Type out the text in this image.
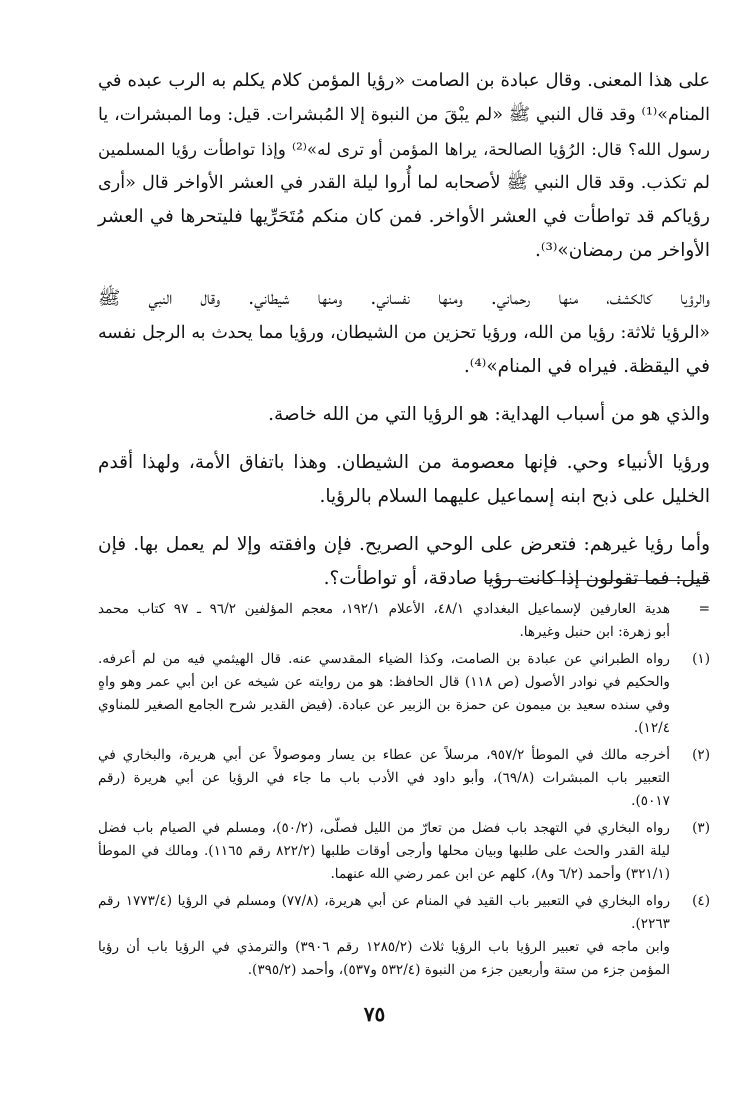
على هذا المعنى. وقال عبادة بن الصامت «رؤيا المؤمن كلام يكلم به الرب عبده في
المنام»⁽¹⁾ وقد قال النبي ﷺ «لم يبْقَ من النبوة إلا المُبشرات. قيل: وما المبشرات، يا
رسول الله؟ قال: الرُؤيا الصالحة، يراها المؤمن أو ترى له»⁽²⁾ وإذا تواطأت رؤيا المسلمين
لم تكذب. وقد قال النبي ﷺ لأصحابه لما أُروا ليلة القدر في العشر الأواخر قال «أرى
رؤياكم قد تواطأت في العشر الأواخر. فمن كان منكم مُتَحَرِّيها فليتحرها في العشر
الأواخر من رمضان»⁽³⁾.

والرؤيا كالكشف، منها رحماني. ومنها نفساني. ومنها شيطاني. وقال النبي ﷺ
«الرؤيا ثلاثة: رؤيا من الله، ورؤيا تحزين من الشيطان، ورؤيا مما يحدث به الرجل نفسه
في اليقظة. فيراه في المنام»⁽⁴⁾.

والذي هو من أسباب الهداية: هو الرؤيا التي من الله خاصة.

ورؤيا الأنبياء وحي. فإنها معصومة من الشيطان. وهذا باتفاق الأمة، ولهذا أقدم
الخليل على ذبح ابنه إسماعيل عليهما السلام بالرؤيا.

وأما رؤيا غيرهم: فتعرض على الوحي الصريح. فإن وافقته وإلا لم يعمل بها. فإن
قيل: فما تقولون إذا كانت رؤيا صادقة، أو تواطأت؟.

=
هدية العارفين لإسماعيل البغدادي ٤٨/١، الأعلام ١٩٢/١، معجم المؤلفين ٩٦/٢ ـ ٩٧ كتاب محمد
أبو زهرة: ابن حنبل وغيرها.
(١)
رواه الطبراني عن عبادة بن الصامت، وكذا الضياء المقدسي عنه. قال الهيثمي فيه من لم أعرفه.
والحكيم في نوادر الأصول (ص ١١٨) قال الحافظ: هو من روايته عن شيخه عن ابن أبي عمر وهو واهٍ
وفي سنده سعيد بن ميمون عن حمزة بن الزبير عن عبادة. (فيض القدير شرح الجامع الصغير للمناوي
١٢/٤).
(٢)
أخرجه مالك في الموطأ ٩٥٧/٢، مرسلاً عن عطاء بن يسار وموصولاً عن أبي هريرة، والبخاري في
التعبير باب المبشرات (٦٩/٨)، وأبو داود في الأدب باب ما جاء في الرؤيا عن أبي هريرة (رقم
٥٠١٧).
(٣)
رواه البخاري في التهجد باب فضل من تعارّ من الليل فصلّى، (٥٠/٢)، ومسلم في الصيام باب فضل
ليلة القدر والحث على طلبها وبيان محلها وأرجى أوقات طلبها (٨٢٢/٢ رقم ١١٦٥). ومالك في الموطأ
(٣٢١/١) وأحمد (٦/٢ و٨)، كلهم عن ابن عمر رضي الله عنهما.
(٤)
رواه البخاري في التعبير باب القيد في المنام عن أبي هريرة، (٧٧/٨) ومسلم في الرؤيا (١٧٧٣/٤ رقم
٢٢٦٣).
وابن ماجه في تعبير الرؤيا باب الرؤيا ثلاث (١٢٨٥/٢ رقم ٣٩٠٦) والترمذي في الرؤيا باب أن رؤيا
المؤمن جزء من ستة وأربعين جزء من النبوة (٥٣٢/٤ و٥٣٧)، وأحمد (٣٩٥/٢).
٧٥
